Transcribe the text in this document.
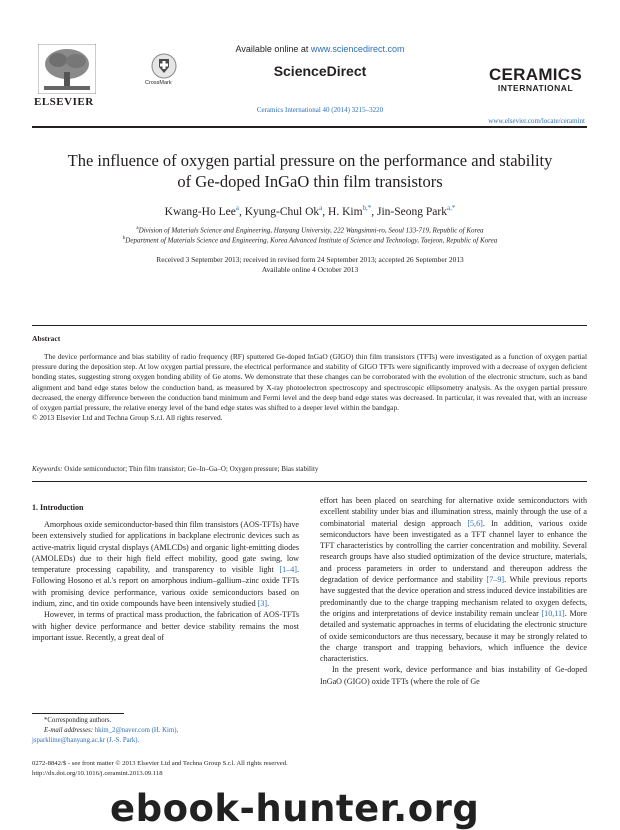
ELSEVIER
CrossMark
Available online at www.sciencedirect.com
ScienceDirect
Ceramics International 40 (2014) 3215–3220
CERAMICS
INTERNATIONAL
www.elsevier.com/locate/ceramint
The influence of oxygen partial pressure on the performance and stability
of Ge-doped InGaO thin film transistors
Kwang-Ho Lee$^a$, Kyung-Chul Ok$^a$, H. Kim$^{b,*}$, Jin-Seong Park$^{a,*}$
$^a$Division of Materials Science and Engineering, Hanyang University, 222 Wangsimni-ro, Seoul 133-719, Republic of Korea
$^b$Department of Materials Science and Engineering, Korea Advanced Institute of Science and Technology, Taejeon, Republic of Korea
Received 3 September 2013; received in revised form 24 September 2013; accepted 26 September 2013
Available online 4 October 2013
Abstract

The device performance and bias stability of radio frequency (RF) sputtered Ge-doped InGaO (GIGO) thin film transistors (TFTs) were investigated as a function of oxygen partial pressure during the deposition step. At low oxygen partial pressure, the electrical performance and stability of GIGO TFTs were significantly improved with a decrease of oxygen deficient bonding states, suggesting strong oxygen bonding ability of Ge atoms. We demonstrate that these changes can be corroborated with the evolution of the electronic structure, such as band alignment and band edge states below the conduction band, as measured by X-ray photoelectron spectroscopy and spectroscopic ellipsometry analysis. As the oxygen partial pressure decreased, the energy difference between the conduction band minimum and Fermi level and the deep band edge states was decreased. In particular, it was revealed that, with an increase of oxygen partial pressure, the relative energy level of the band edge states was shifted to a deeper level within the bandgap.

© 2013 Elsevier Ltd and Techna Group S.r.l. All rights reserved.

Keywords: Oxide semiconductor; Thin film transistor; Ge–In–Ga–O; Oxygen pressure; Bias stability
1. Introduction

Amorphous oxide semiconductor-based thin film transistors (AOS-TFTs) have been extensively studied for applications in backplane electronic devices such as active-matrix liquid crystal displays (AMLCDs) and organic light-emitting diodes (AMOLEDs) due to their high field effect mobility, good gate swing, low temperature processing capability, and transparency to visible light [1–4]. Following Hosono et al.'s report on amorphous indium–gallium–zinc oxide TFTs with promising device performance, various oxide semiconductors based on indium, zinc, and tin oxide compounds have been intensively studied [3].

However, in terms of practical mass production, the fabrication of AOS-TFTs with higher device performance and better device stability remains the most important issue. Recently, a great deal of

effort has been placed on searching for alternative oxide semiconductors with excellent stability under bias and illumination stress, mainly through the use of a combinatorial material design approach [5,6]. In addition, various oxide semiconductors have been investigated as a TFT channel layer to enhance the TFT characteristics by controlling the carrier concentration and mobility. Several research groups have also studied optimization of the device structure, materials, and process parameters in order to understand and thereupon address the degradation of device performance and stability [7–9]. While previous reports have suggested that the device operation and stress induced device instabilities are predominantly due to the charge trapping mechanism related to oxygen defects, the origins and interpretations of device instability remain unclear [10,11]. More detailed and systematic approaches in terms of elucidating the electronic structure of oxide semiconductors are thus necessary, because it may be strongly related to the charge transport and trapping behaviors, which influence the device characteristics.

In the present work, device performance and bias instability of Ge-doped InGaO (GIGO) oxide TFTs (where the role of Ge

*Corresponding authors.
E-mail addresses: hkim_2@naver.com (H. Kim),
jsparklime@hanyang.ac.kr (J.-S. Park).
0272-8842/$ - see front matter © 2013 Elsevier Ltd and Techna Group S.r.l. All rights reserved.
http://dx.doi.org/10.1016/j.ceramint.2013.09.118
ebook-hunter.org
